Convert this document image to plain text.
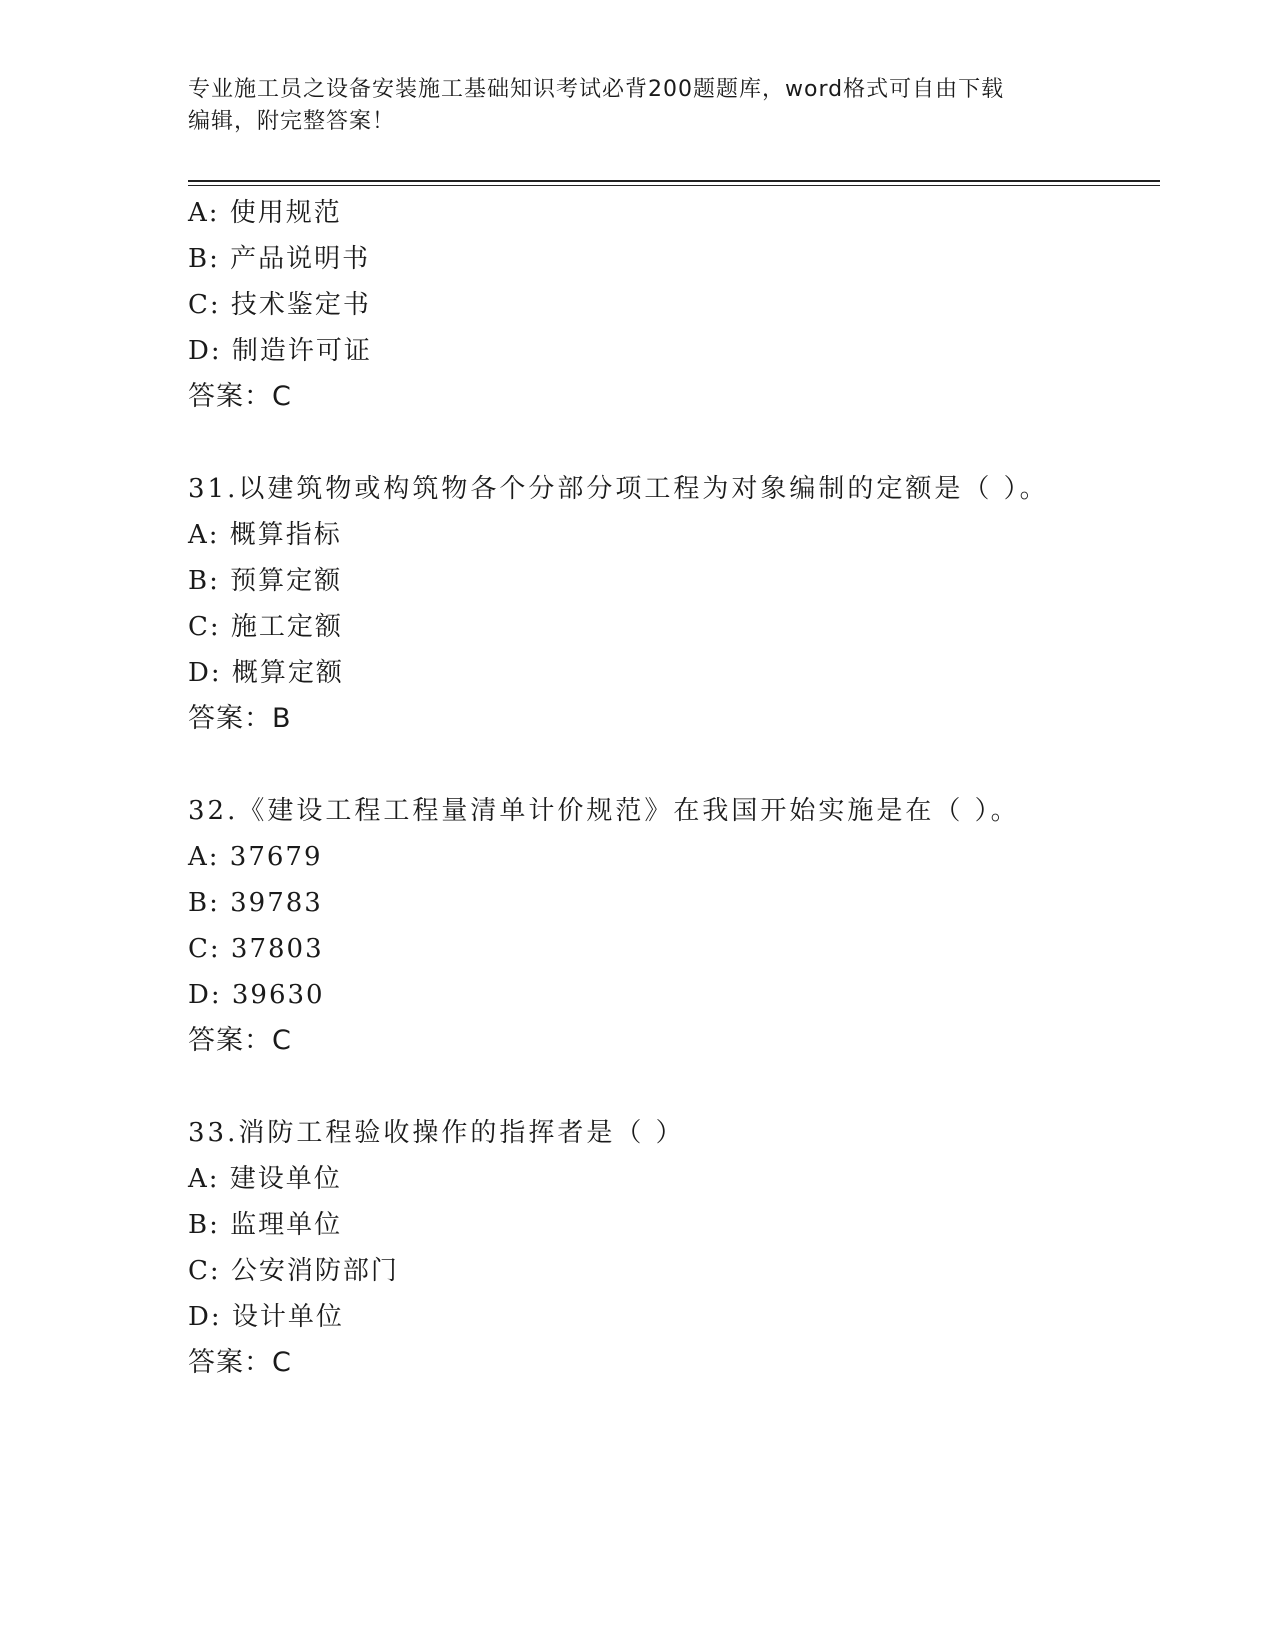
专业施工员之设备安装施工基础知识考试必背200题题库，word格式可自由下载
编辑，附完整答案！
A: 使用规范
B: 产品说明书
C: 技术鉴定书
D: 制造许可证
答案：C
31.以建筑物或构筑物各个分部分项工程为对象编制的定额是（ ）。
A: 概算指标
B: 预算定额
C: 施工定额
D: 概算定额
答案：B
32.《建设工程工程量清单计价规范》在我国开始实施是在（ ）。
A: 37679
B: 39783
C: 37803
D: 39630
答案：C
33.消防工程验收操作的指挥者是（ ）
A: 建设单位
B: 监理单位
C: 公安消防部门
D: 设计单位
答案：C
